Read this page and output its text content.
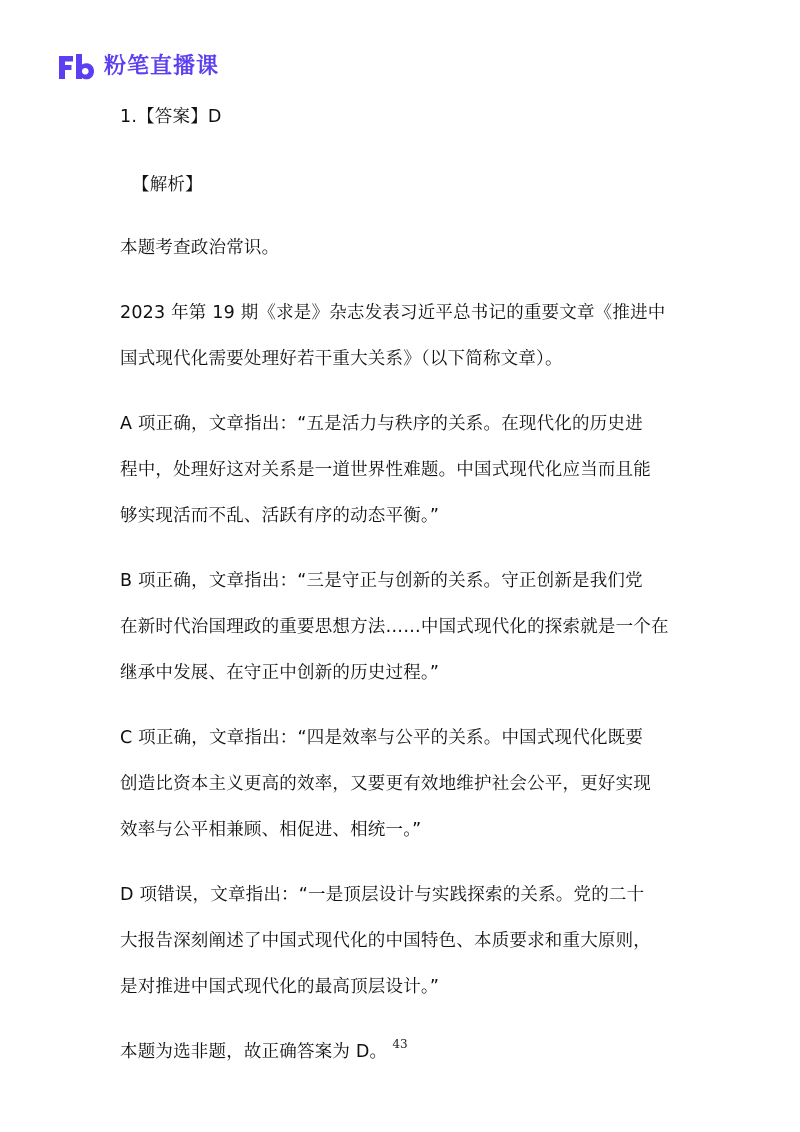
粉笔直播课
1.【答案】D
【解析】
本题考查政治常识。
2023 年第 19 期《求是》杂志发表习近平总书记的重要文章《推进中
国式现代化需要处理好若干重大关系》（以下简称文章）。
A 项正确，文章指出：“五是活力与秩序的关系。在现代化的历史进
程中，处理好这对关系是一道世界性难题。中国式现代化应当而且能
够实现活而不乱、活跃有序的动态平衡。”
B 项正确，文章指出：“三是守正与创新的关系。守正创新是我们党
在新时代治国理政的重要思想方法……中国式现代化的探索就是一个在
继承中发展、在守正中创新的历史过程。”
C 项正确，文章指出：“四是效率与公平的关系。中国式现代化既要
创造比资本主义更高的效率，又要更有效地维护社会公平，更好实现
效率与公平相兼顾、相促进、相统一。”
D 项错误，文章指出：“一是顶层设计与实践探索的关系。党的二十
大报告深刻阐述了中国式现代化的中国特色、本质要求和重大原则，
是对推进中国式现代化的最高顶层设计。”
本题为选非题，故正确答案为 D。 43
